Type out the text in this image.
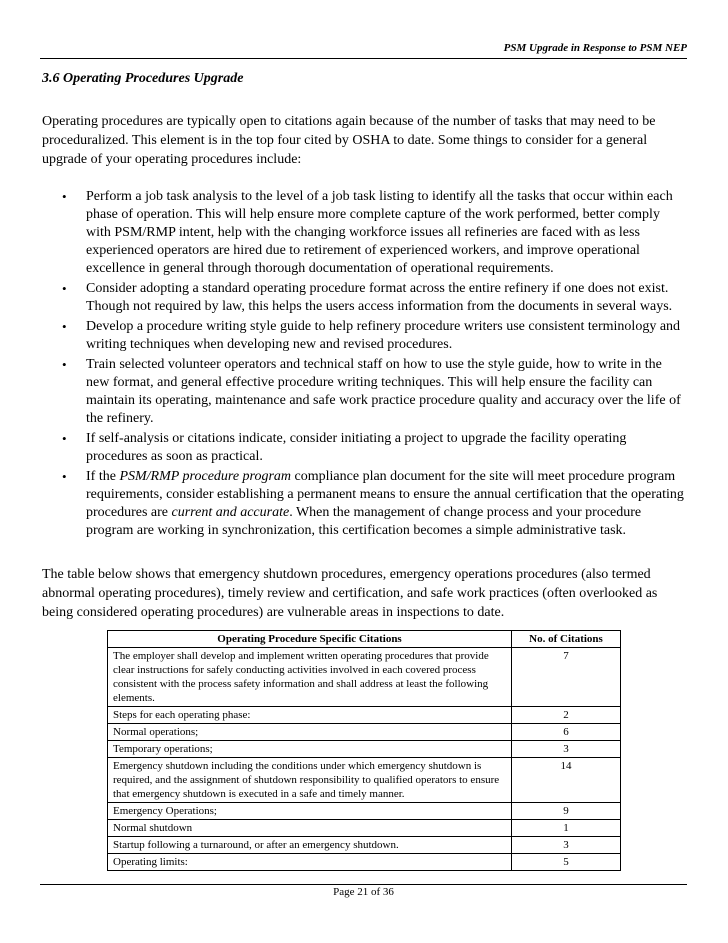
PSM Upgrade in Response to PSM NEP
3.6 Operating Procedures Upgrade

Operating procedures are typically open to citations again because of the number of tasks that may need to be proceduralized. This element is in the top four cited by OSHA to date. Some things to consider for a general upgrade of your operating procedures include:

• Perform a job task analysis to the level of a job task listing to identify all the tasks that occur within each phase of operation. This will help ensure more complete capture of the work performed, better comply with PSM/RMP intent, help with the changing workforce issues all refineries are faced with as less experienced operators are hired due to retirement of experienced workers, and improve operational excellence in general through thorough documentation of operational requirements.
• Consider adopting a standard operating procedure format across the entire refinery if one does not exist. Though not required by law, this helps the users access information from the documents in several ways.
• Develop a procedure writing style guide to help refinery procedure writers use consistent terminology and writing techniques when developing new and revised procedures.
• Train selected volunteer operators and technical staff on how to use the style guide, how to write in the new format, and general effective procedure writing techniques. This will help ensure the facility can maintain its operating, maintenance and safe work practice procedure quality and accuracy over the life of the refinery.
• If self-analysis or citations indicate, consider initiating a project to upgrade the facility operating procedures as soon as practical.
• If the PSM/RMP procedure program compliance plan document for the site will meet procedure program requirements, consider establishing a permanent means to ensure the annual certification that the operating procedures are current and accurate. When the management of change process and your procedure program are working in synchronization, this certification becomes a simple administrative task.

The table below shows that emergency shutdown procedures, emergency operations procedures (also termed abnormal operating procedures), timely review and certification, and safe work practices (often overlooked as being considered operating procedures) are vulnerable areas in inspections to date.

Operating Procedure Specific Citations	No. of Citations
The employer shall develop and implement written operating procedures that provide clear instructions for safely conducting activities involved in each covered process consistent with the process safety information and shall address at least the following elements.	7
Steps for each operating phase:	2
Normal operations;	6
Temporary operations;	3
Emergency shutdown including the conditions under which emergency shutdown is required, and the assignment of shutdown responsibility to qualified operators to ensure that emergency shutdown is executed in a safe and timely manner.	14
Emergency Operations;	9
Normal shutdown	1
Startup following a turnaround, or after an emergency shutdown.	3
Operating limits:	5
Page 21 of 36
